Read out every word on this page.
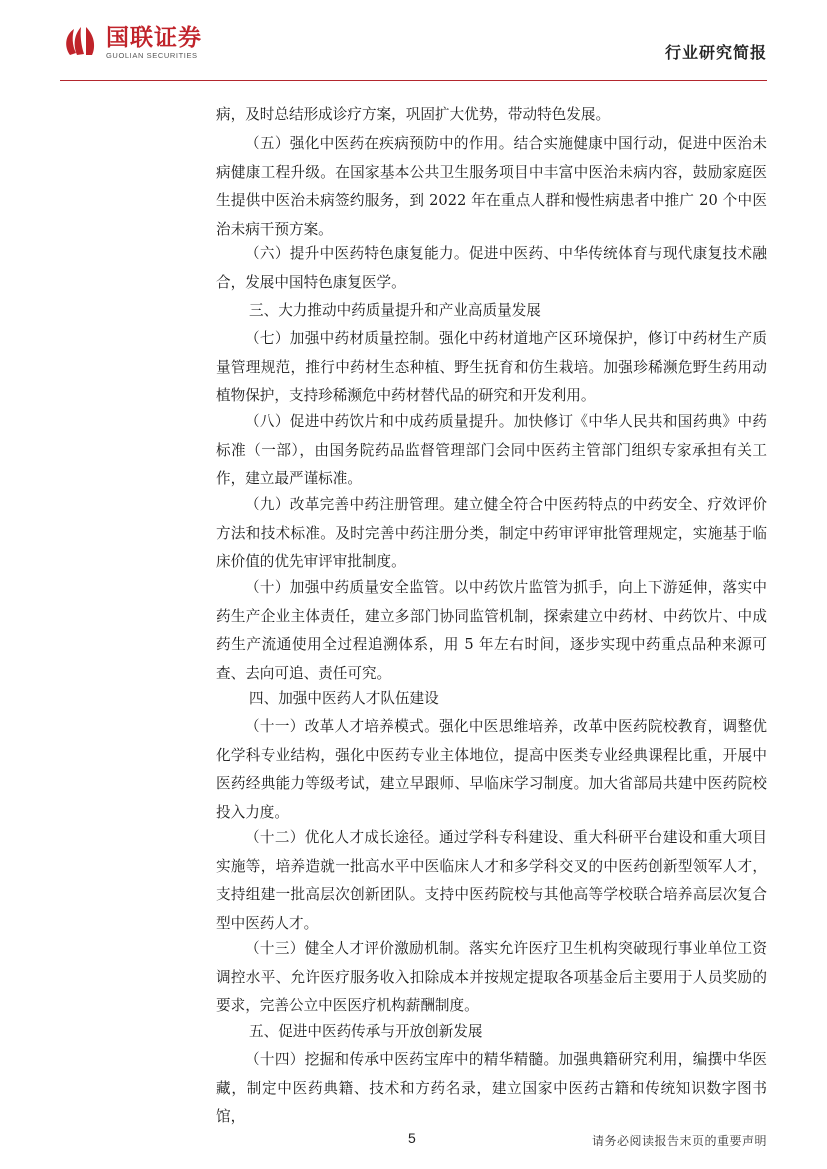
国联证券
GUOLIAN SECURITIES	行业研究简报

病，及时总结形成诊疗方案，巩固扩大优势，带动特色发展。

（五）强化中医药在疾病预防中的作用。结合实施健康中国行动，促进中医治未病健康工程升级。在国家基本公共卫生服务项目中丰富中医治未病内容，鼓励家庭医生提供中医治未病签约服务，到 2022 年在重点人群和慢性病患者中推广 20 个中医治未病干预方案。

（六）提升中医药特色康复能力。促进中医药、中华传统体育与现代康复技术融合，发展中国特色康复医学。

三、大力推动中药质量提升和产业高质量发展

（七）加强中药材质量控制。强化中药材道地产区环境保护，修订中药材生产质量管理规范，推行中药材生态种植、野生抚育和仿生栽培。加强珍稀濒危野生药用动植物保护，支持珍稀濒危中药材替代品的研究和开发利用。

（八）促进中药饮片和中成药质量提升。加快修订《中华人民共和国药典》中药标准（一部），由国务院药品监督管理部门会同中医药主管部门组织专家承担有关工作，建立最严谨标准。

（九）改革完善中药注册管理。建立健全符合中医药特点的中药安全、疗效评价方法和技术标准。及时完善中药注册分类，制定中药审评审批管理规定，实施基于临床价值的优先审评审批制度。

（十）加强中药质量安全监管。以中药饮片监管为抓手，向上下游延伸，落实中药生产企业主体责任，建立多部门协同监管机制，探索建立中药材、中药饮片、中成药生产流通使用全过程追溯体系，用 5 年左右时间，逐步实现中药重点品种来源可查、去向可追、责任可究。

四、加强中医药人才队伍建设

（十一）改革人才培养模式。强化中医思维培养，改革中医药院校教育，调整优化学科专业结构，强化中医药专业主体地位，提高中医类专业经典课程比重，开展中医药经典能力等级考试，建立早跟师、早临床学习制度。加大省部局共建中医药院校投入力度。

（十二）优化人才成长途径。通过学科专科建设、重大科研平台建设和重大项目实施等，培养造就一批高水平中医临床人才和多学科交叉的中医药创新型领军人才，支持组建一批高层次创新团队。支持中医药院校与其他高等学校联合培养高层次复合型中医药人才。

（十三）健全人才评价激励机制。落实允许医疗卫生机构突破现行事业单位工资调控水平、允许医疗服务收入扣除成本并按规定提取各项基金后主要用于人员奖励的要求，完善公立中医医疗机构薪酬制度。

五、促进中医药传承与开放创新发展

（十四）挖掘和传承中医药宝库中的精华精髓。加强典籍研究利用，编撰中华医藏，制定中医药典籍、技术和方药名录，建立国家中医药古籍和传统知识数字图书馆，

5	请务必阅读报告末页的重要声明
